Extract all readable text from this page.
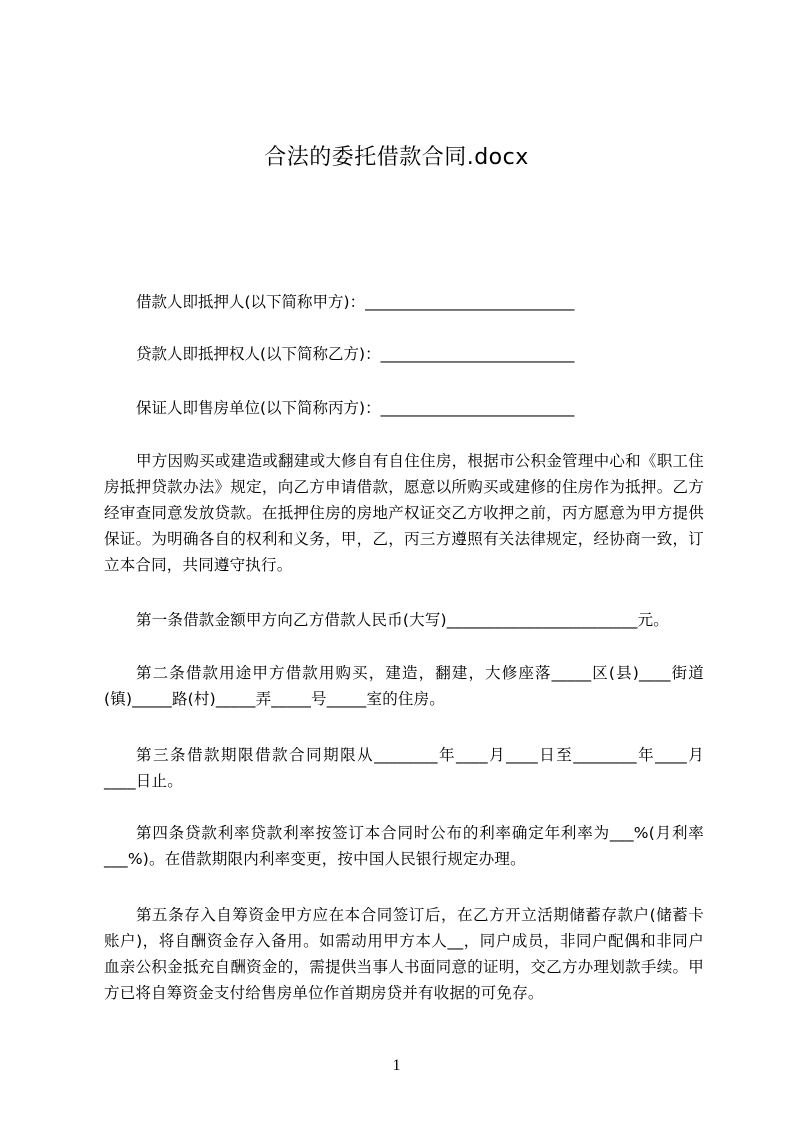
合法的委托借款合同.docx
借款人即抵押人(以下简称甲方)：___________________________
贷款人即抵押权人(以下简称乙方)：_________________________
保证人即售房单位(以下简称丙方)：_________________________
甲方因购买或建造或翻建或大修自有自住住房，根据市公积金管理中心和《职工住房抵押贷款办法》规定，向乙方申请借款，愿意以所购买或建修的住房作为抵押。乙方经审查同意发放贷款。在抵押住房的房地产权证交乙方收押之前，丙方愿意为甲方提供保证。为明确各自的权利和义务，甲，乙，丙三方遵照有关法律规定，经协商一致，订立本合同，共同遵守执行。
第一条借款金额甲方向乙方借款人民币(大写)________________________元。
第二条借款用途甲方借款用购买，建造，翻建，大修座落_____区(县)____街道(镇)_____路(村)_____弄_____号_____室的住房。
第三条借款期限借款合同期限从________年____月____日至________年____月____日止。
第四条贷款利率贷款利率按签订本合同时公布的利率确定年利率为___%(月利率___%)。在借款期限内利率变更，按中国人民银行规定办理。
第五条存入自筹资金甲方应在本合同签订后，在乙方开立活期储蓄存款户(储蓄卡账户)，将自酬资金存入备用。如需动用甲方本人__，同户成员，非同户配偶和非同户血亲公积金抵充自酬资金的，需提供当事人书面同意的证明，交乙方办理划款手续。甲方已将自筹资金支付给售房单位作首期房贷并有收据的可免存。
1
